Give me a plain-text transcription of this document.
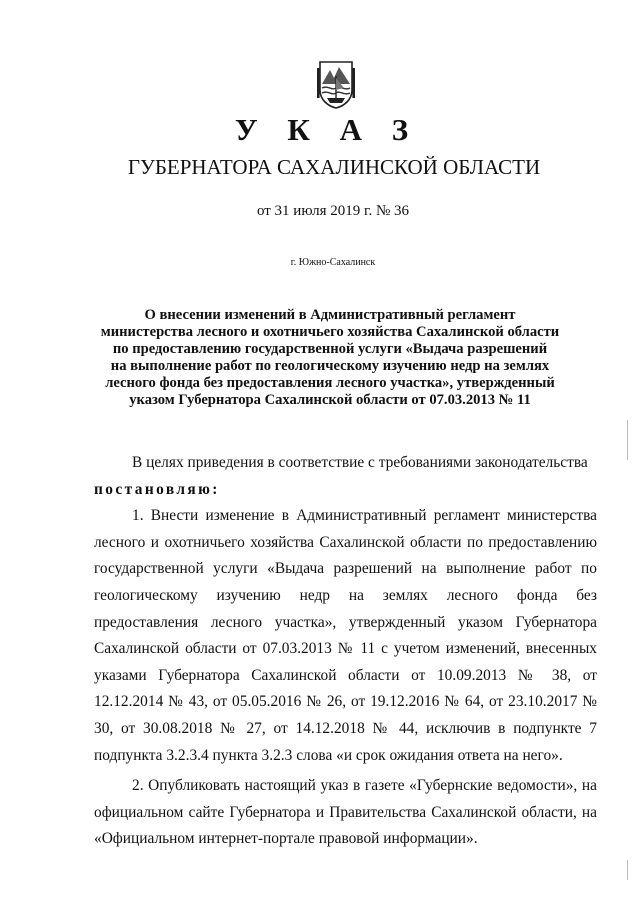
У К А З
ГУБЕРНАТОРА САХАЛИНСКОЙ ОБЛАСТИ
от 31 июля 2019 г. № 36
г. Южно-Сахалинск
О внесении изменений в Административный регламент
министерства лесного и охотничьего хозяйства Сахалинской области
по предоставлению государственной услуги «Выдача разрешений
на выполнение работ по геологическому изучению недр на землях
лесного фонда без предоставления лесного участка», утвержденный
указом Губернатора Сахалинской области от 07.03.2013 № 11

В целях приведения в соответствие с требованиями законодательства

постановляю:

1. Внести изменение в Административный регламент министерства лесного и охотничьего хозяйства Сахалинской области по предоставлению государственной услуги «Выдача разрешений на выполнение работ по геологическому изучению недр на землях лесного фонда без предоставления лесного участка», утвержденный указом Губернатора Сахалинской области от 07.03.2013 № 11 с учетом изменений, внесенных указами Губернатора Сахалинской области от 10.09.2013 № 38, от 12.12.2014 № 43, от 05.05.2016 № 26, от 19.12.2016 № 64, от 23.10.2017 № 30, от 30.08.2018 № 27, от 14.12.2018 № 44, исключив в подпункте 7 подпункта 3.2.3.4 пункта 3.2.3 слова «и срок ожидания ответа на него».

2. Опубликовать настоящий указ в газете «Губернские ведомости», на официальном сайте Губернатора и Правительства Сахалинской области, на «Официальном интернет-портале правовой информации».
